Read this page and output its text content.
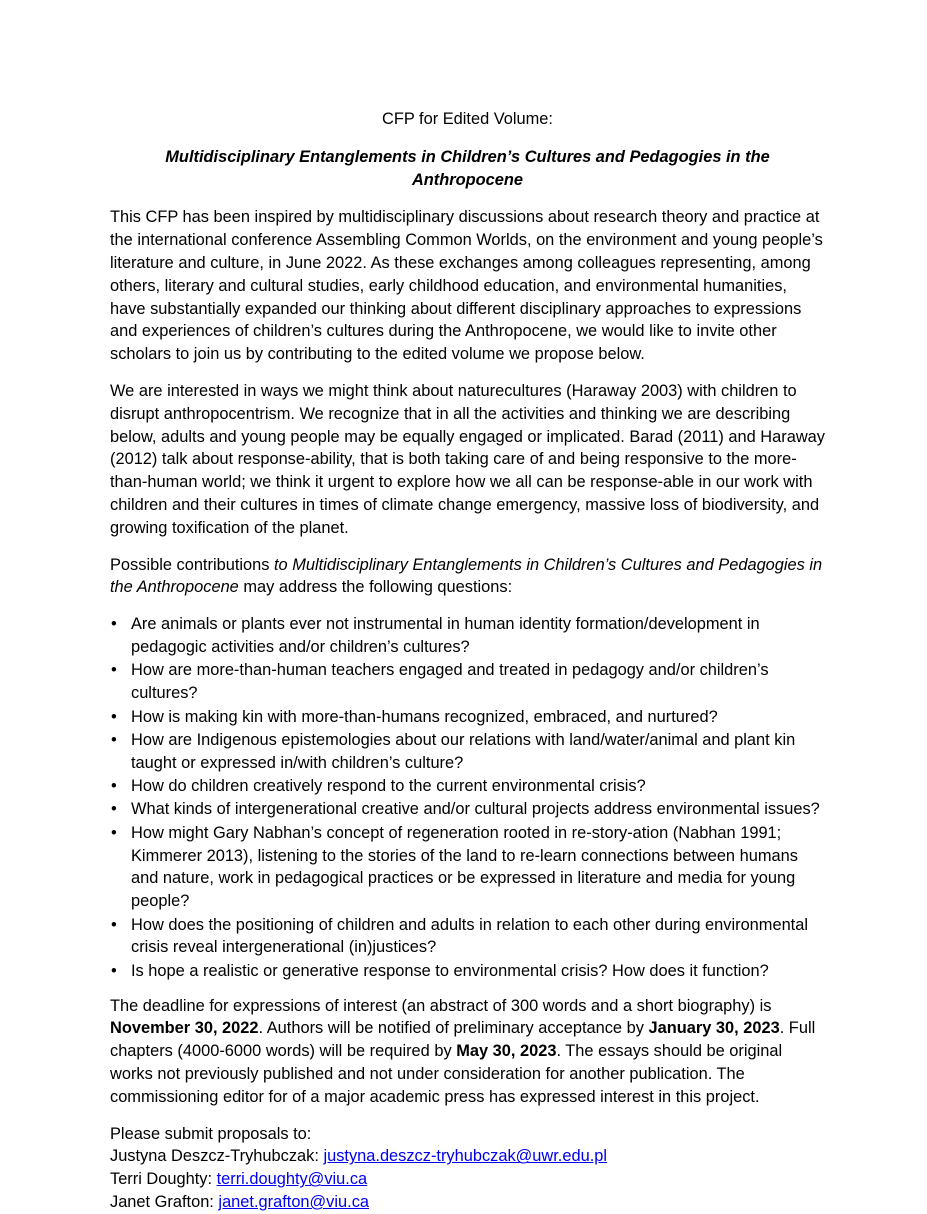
CFP for Edited Volume:
Multidisciplinary Entanglements in Children’s Cultures and Pedagogies in the Anthropocene

This CFP has been inspired by multidisciplinary discussions about research theory and practice at the international conference Assembling Common Worlds, on the environment and young people’s literature and culture, in June 2022. As these exchanges among colleagues representing, among others, literary and cultural studies, early childhood education, and environmental humanities, have substantially expanded our thinking about different disciplinary approaches to expressions and experiences of children’s cultures during the Anthropocene, we would like to invite other scholars to join us by contributing to the edited volume we propose below.

We are interested in ways we might think about naturecultures (Haraway 2003) with children to disrupt anthropocentrism. We recognize that in all the activities and thinking we are describing below, adults and young people may be equally engaged or implicated. Barad (2011) and Haraway (2012) talk about response-ability, that is both taking care of and being responsive to the more-than-human world; we think it urgent to explore how we all can be response-able in our work with children and their cultures in times of climate change emergency, massive loss of biodiversity, and growing toxification of the planet.

Possible contributions to Multidisciplinary Entanglements in Children’s Cultures and Pedagogies in the Anthropocene may address the following questions:

• Are animals or plants ever not instrumental in human identity formation/development in pedagogic activities and/or children’s cultures?
• How are more-than-human teachers engaged and treated in pedagogy and/or children’s cultures?
• How is making kin with more-than-humans recognized, embraced, and nurtured?
• How are Indigenous epistemologies about our relations with land/water/animal and plant kin taught or expressed in/with children’s culture?
• How do children creatively respond to the current environmental crisis?
• What kinds of intergenerational creative and/or cultural projects address environmental issues?
• How might Gary Nabhan’s concept of regeneration rooted in re-story-ation (Nabhan 1991; Kimmerer 2013), listening to the stories of the land to re-learn connections between humans and nature, work in pedagogical practices or be expressed in literature and media for young people?
• How does the positioning of children and adults in relation to each other during environmental crisis reveal intergenerational (in)justices?
• Is hope a realistic or generative response to environmental crisis? How does it function?

The deadline for expressions of interest (an abstract of 300 words and a short biography) is November 30, 2022. Authors will be notified of preliminary acceptance by January 30, 2023. Full chapters (4000-6000 words) will be required by May 30, 2023. The essays should be original works not previously published and not under consideration for another publication. The commissioning editor for of a major academic press has expressed interest in this project.

Please submit proposals to:

Justyna Deszcz-Tryhubczak: justyna.deszcz-tryhubczak@uwr.edu.pl

Terri Doughty: terri.doughty@viu.ca

Janet Grafton: janet.grafton@viu.ca
